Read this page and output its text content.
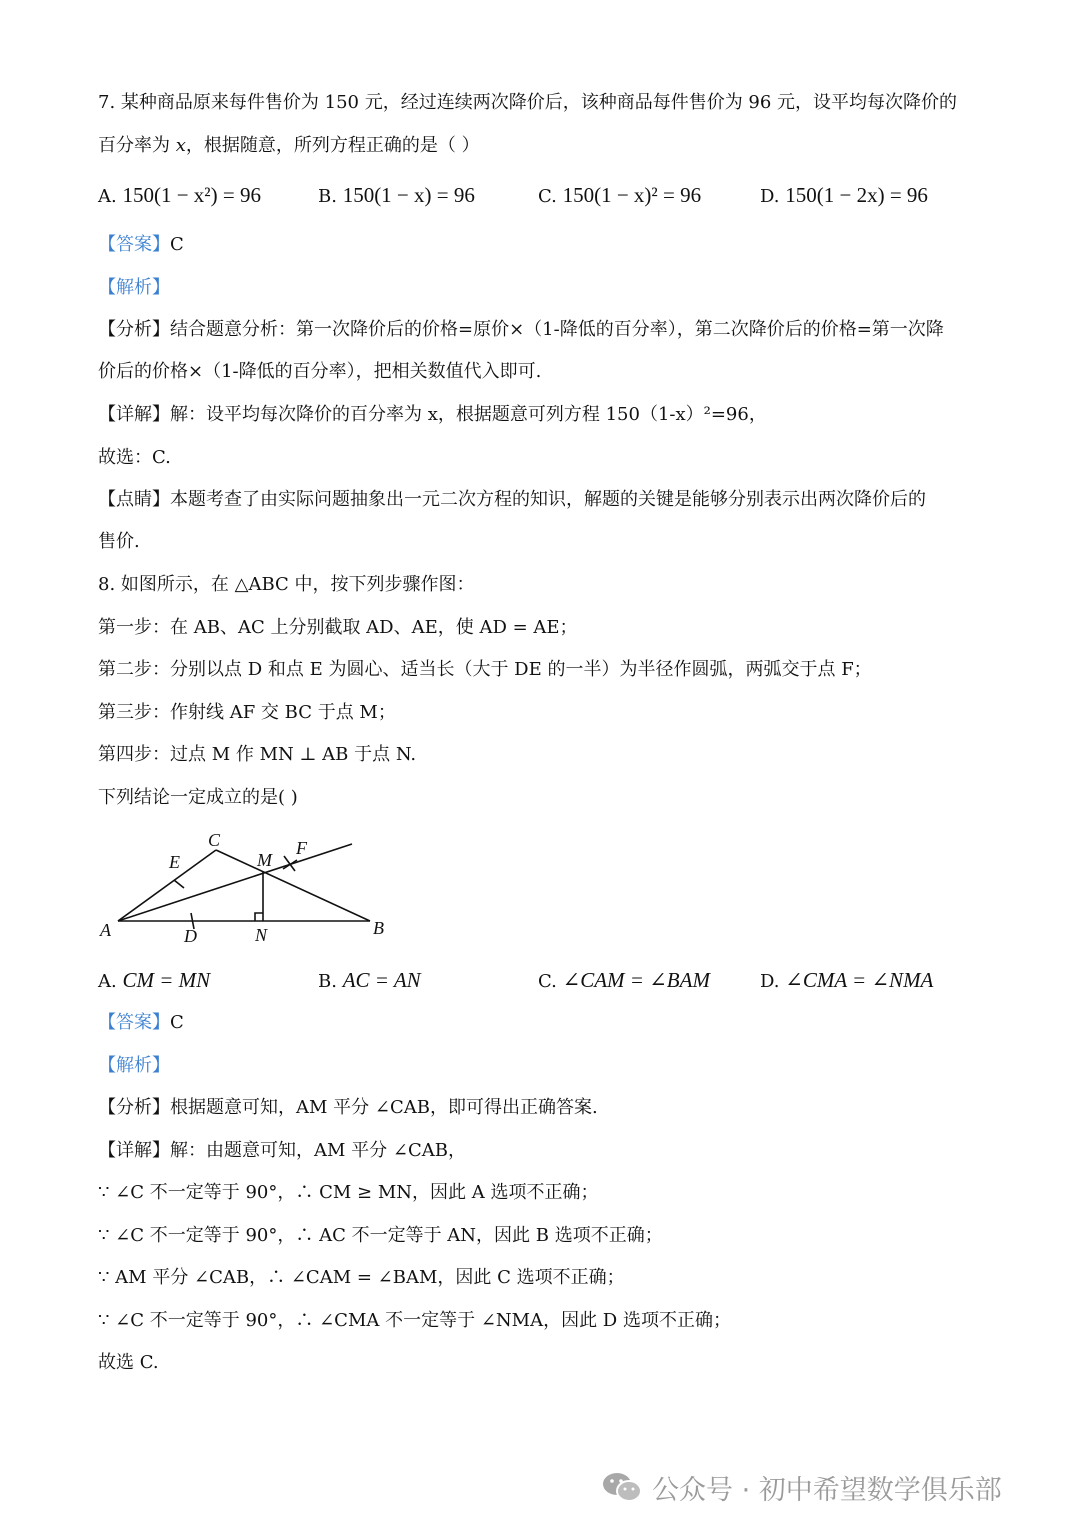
7. 某种商品原来每件售价为 150 元，经过连续两次降价后，该种商品每件售价为 96 元，设平均每次降价的
百分率为 x，根据随意，所列方程正确的是（ ）
A. 150(1 − x²) = 96	B. 150(1 − x) = 96	C. 150(1 − x)² = 96	D. 150(1 − 2x) = 96
【答案】C
【解析】
【分析】结合题意分析：第一次降价后的价格=原价×（1-降低的百分率），第二次降价后的价格=第一次降
价后的价格×（1-降低的百分率），把相关数值代入即可.
【详解】解：设平均每次降价的百分率为 x，根据题意可列方程 150（1-x）²=96，
故选：C.
【点睛】本题考查了由实际问题抽象出一元二次方程的知识，解题的关键是能够分别表示出两次降价后的
售价.
8. 如图所示，在 △ABC 中，按下列步骤作图：
第一步：在 AB、AC 上分别截取 AD、AE，使 AD = AE；
第二步：分别以点 D 和点 E 为圆心、适当长（大于 DE 的一半）为半径作圆弧，两弧交于点 F；
第三步：作射线 AF 交 BC 于点 M；
第四步：过点 M 作 MN ⊥ AB 于点 N.
下列结论一定成立的是( )
A	B
C
D
E
F
M
N
A. CM = MN	B. AC = AN	C. ∠CAM = ∠BAM	D. ∠CMA = ∠NMA
【答案】C
【解析】
【分析】根据题意可知，AM 平分 ∠CAB，即可得出正确答案.
【详解】解：由题意可知，AM 平分 ∠CAB，
∵ ∠C 不一定等于 90°，∴ CM ≥ MN，因此 A 选项不正确；
∵ ∠C 不一定等于 90°，∴ AC 不一定等于 AN，因此 B 选项不正确；
∵ AM 平分 ∠CAB，∴ ∠CAM = ∠BAM，因此 C 选项不正确；
∵ ∠C 不一定等于 90°，∴ ∠CMA 不一定等于 ∠NMA，因此 D 选项不正确；
故选 C.
公众号 · 初中希望数学俱乐部
